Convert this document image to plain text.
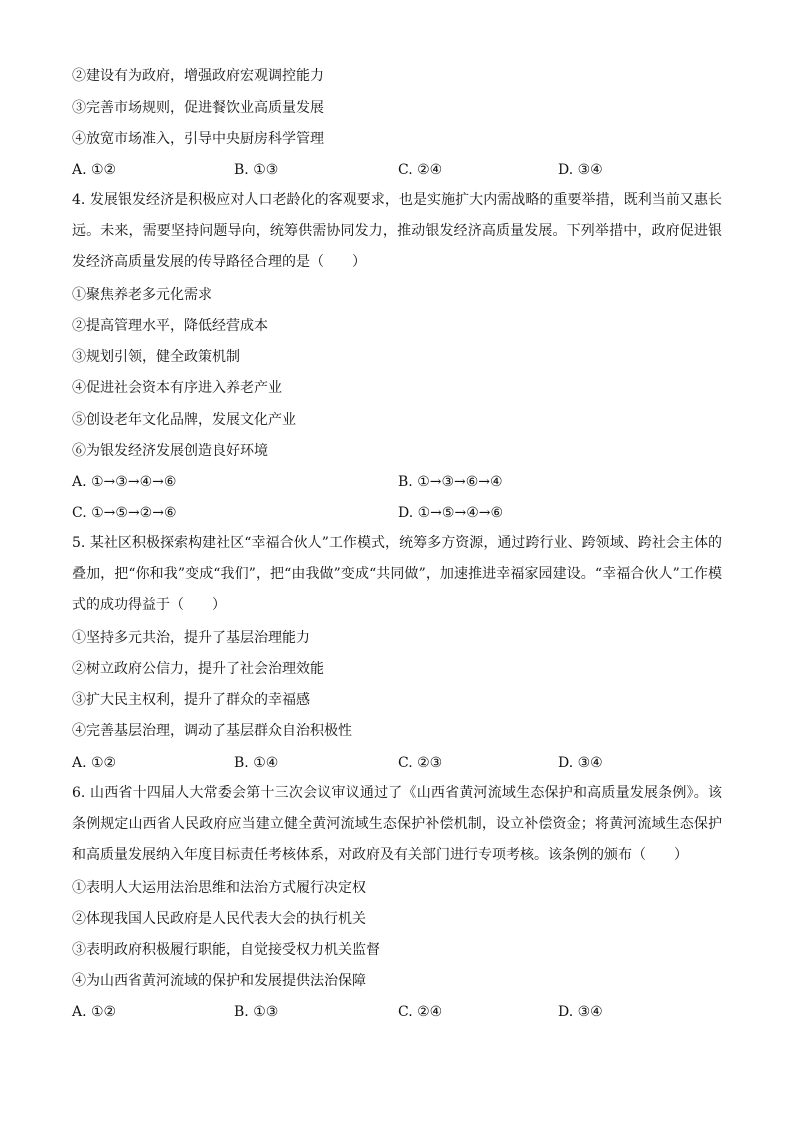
②建设有为政府，增强政府宏观调控能力
③完善市场规则，促进餐饮业高质量发展
④放宽市场准入，引导中央厨房科学管理
A. ①②	B. ①③	C. ②④	D. ③④
4. 发展银发经济是积极应对人口老龄化的客观要求，也是实施扩大内需战略的重要举措，既利当前又惠长远。未来，需要坚持问题导向，统筹供需协同发力，推动银发经济高质量发展。下列举措中，政府促进银发经济高质量发展的传导路径合理的是（　　）
①聚焦养老多元化需求
②提高管理水平，降低经营成本
③规划引领，健全政策机制
④促进社会资本有序进入养老产业
⑤创设老年文化品牌，发展文化产业
⑥为银发经济发展创造良好环境
A. ①→③→④→⑥	B. ①→③→⑥→④
C. ①→⑤→②→⑥	D. ①→⑤→④→⑥
5. 某社区积极探索构建社区“幸福合伙人”工作模式，统筹多方资源，通过跨行业、跨领域、跨社会主体的叠加，把“你和我”变成“我们”，把“由我做”变成“共同做”，加速推进幸福家园建设。“幸福合伙人”工作模式的成功得益于（　　）
①坚持多元共治，提升了基层治理能力
②树立政府公信力，提升了社会治理效能
③扩大民主权利，提升了群众的幸福感
④完善基层治理，调动了基层群众自治积极性
A. ①②	B. ①④	C. ②③	D. ③④
6. 山西省十四届人大常委会第十三次会议审议通过了《山西省黄河流域生态保护和高质量发展条例》。该条例规定山西省人民政府应当建立健全黄河流域生态保护补偿机制，设立补偿资金；将黄河流域生态保护和高质量发展纳入年度目标责任考核体系，对政府及有关部门进行专项考核。该条例的颁布（　　）
①表明人大运用法治思维和法治方式履行决定权
②体现我国人民政府是人民代表大会的执行机关
③表明政府积极履行职能，自觉接受权力机关监督
④为山西省黄河流域的保护和发展提供法治保障
A. ①②	B. ①③	C. ②④	D. ③④
